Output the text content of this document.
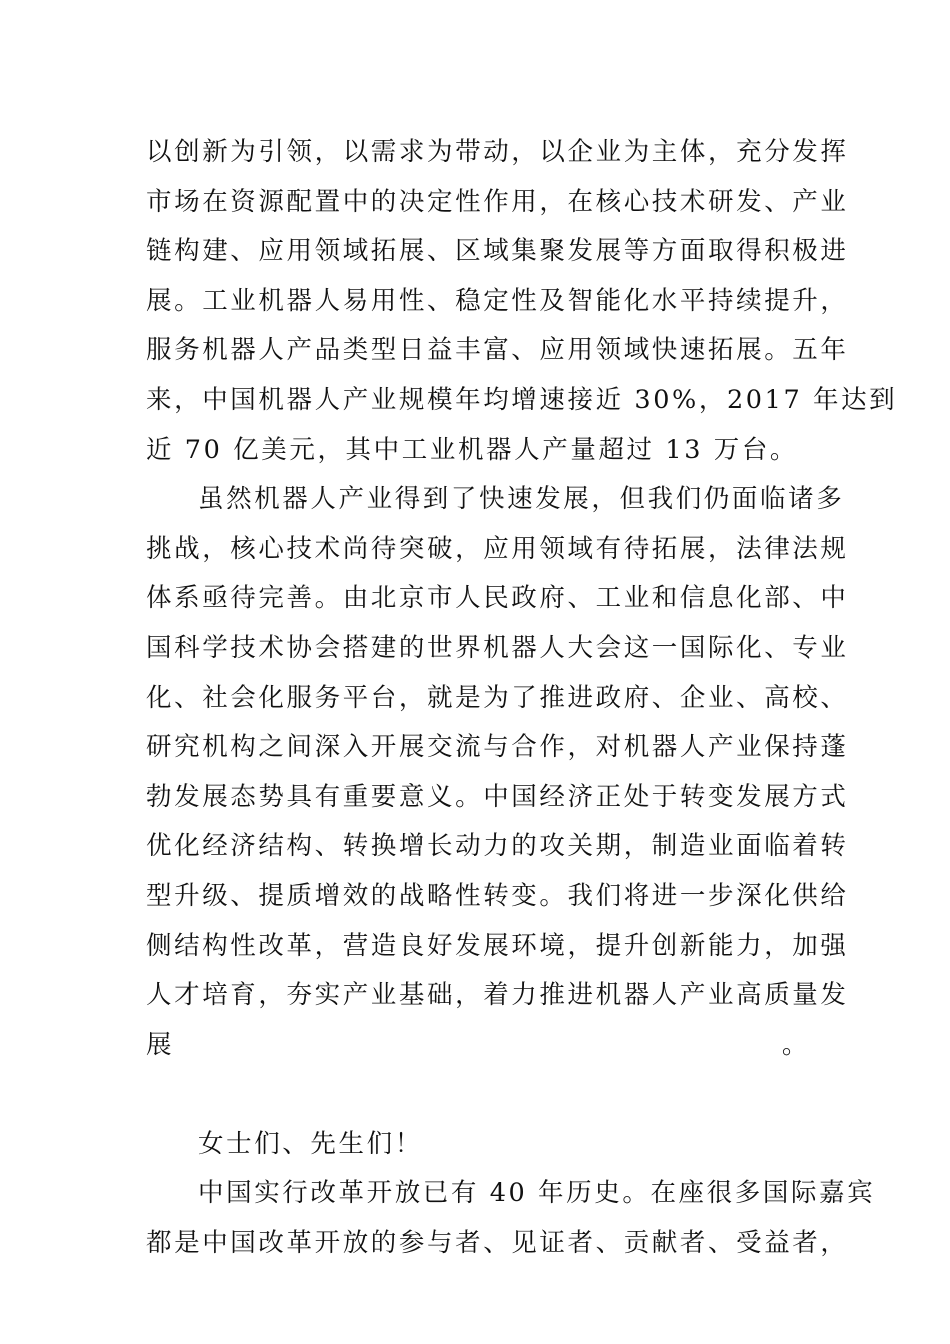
以创新为引领，以需求为带动，以企业为主体，充分发挥
市场在资源配置中的决定性作用，在核心技术研发、产业
链构建、应用领域拓展、区域集聚发展等方面取得积极进
展。工业机器人易用性、稳定性及智能化水平持续提升，
服务机器人产品类型日益丰富、应用领域快速拓展。五年
来，中国机器人产业规模年均增速接近 30%，2017 年达到
近 70 亿美元，其中工业机器人产量超过 13 万台。
虽然机器人产业得到了快速发展，但我们仍面临诸多
挑战，核心技术尚待突破，应用领域有待拓展，法律法规
体系亟待完善。由北京市人民政府、工业和信息化部、中
国科学技术协会搭建的世界机器人大会这一国际化、专业
化、社会化服务平台，就是为了推进政府、企业、高校、
研究机构之间深入开展交流与合作，对机器人产业保持蓬
勃发展态势具有重要意义。中国经济正处于转变发展方式
优化经济结构、转换增长动力的攻关期，制造业面临着转
型升级、提质增效的战略性转变。我们将进一步深化供给
侧结构性改革，营造良好发展环境，提升创新能力，加强
人才培育，夯实产业基础，着力推进机器人产业高质量发
展。
女士们、先生们！
中国实行改革开放已有 40 年历史。在座很多国际嘉宾
都是中国改革开放的参与者、见证者、贡献者、受益者，
